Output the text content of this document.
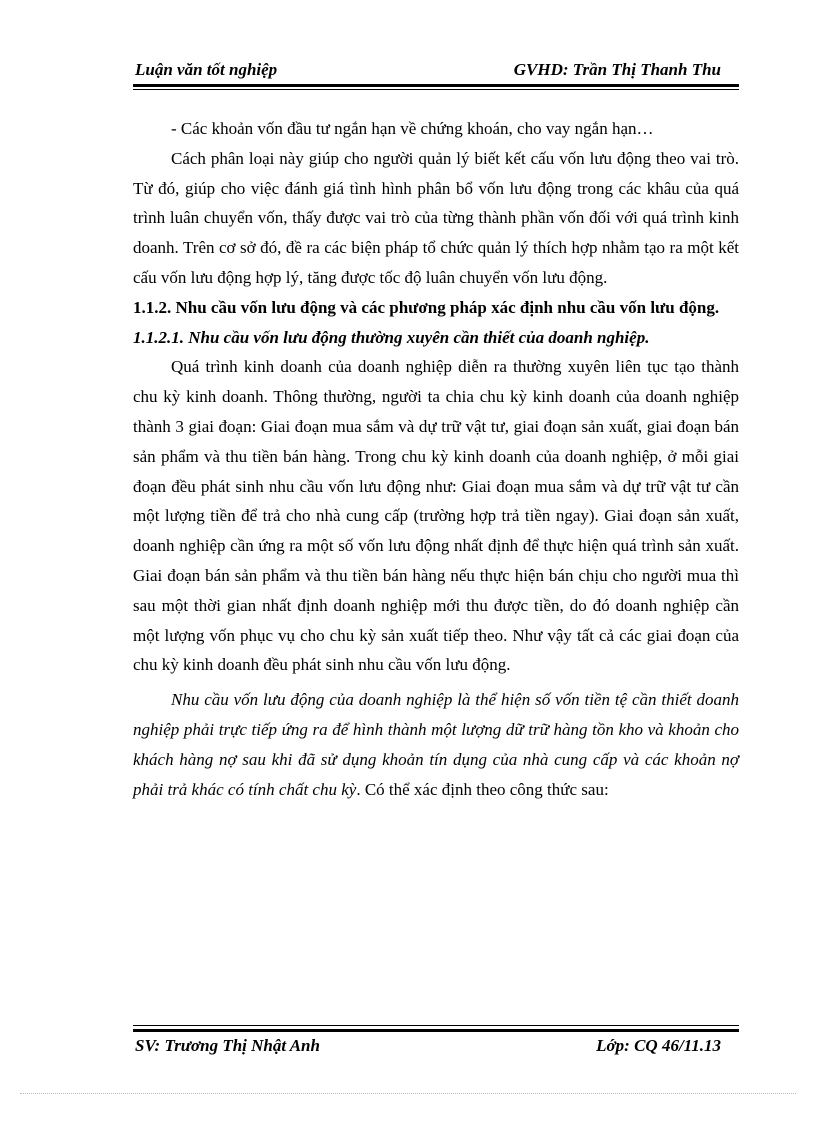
Luận văn tốt nghiệp	GVHD: Trần Thị Thanh Thu

- Các khoản vốn đầu tư ngắn hạn về chứng khoán, cho vay ngắn hạn…

Cách phân loại này giúp cho người quản lý biết kết cấu vốn lưu động theo vai trò. Từ đó, giúp cho việc đánh giá tình hình phân bổ vốn lưu động trong các khâu của quá trình luân chuyển vốn, thấy được vai trò của từng thành phần vốn đối với quá trình kinh doanh. Trên cơ sở đó, đề ra các biện pháp tổ chức quản lý thích hợp nhằm tạo ra một kết cấu vốn lưu động hợp lý, tăng được tốc độ luân chuyển vốn lưu động.

1.1.2. Nhu cầu vốn lưu động và các phương pháp xác định nhu cầu vốn lưu động.

1.1.2.1. Nhu cầu vốn lưu động thường xuyên cần thiết của doanh nghiệp.

Quá trình kinh doanh của doanh nghiệp diễn ra thường xuyên liên tục tạo thành chu kỳ kinh doanh. Thông thường, người ta chia chu kỳ kinh doanh của doanh nghiệp thành 3 giai đoạn: Giai đoạn mua sắm và dự trữ vật tư, giai đoạn sản xuất, giai đoạn bán sản phẩm và thu tiền bán hàng. Trong chu kỳ kinh doanh của doanh nghiệp, ở mỗi giai đoạn đều phát sinh nhu cầu vốn lưu động như: Giai đoạn mua sắm và dự trữ vật tư cần một lượng tiền để trả cho nhà cung cấp (trường hợp trả tiền ngay). Giai đoạn sản xuất, doanh nghiệp cần ứng ra một số vốn lưu động nhất định để thực hiện quá trình sản xuất. Giai đoạn bán sản phẩm và thu tiền bán hàng nếu thực hiện bán chịu cho người mua thì sau một thời gian nhất định doanh nghiệp mới thu được tiền, do đó doanh nghiệp cần một lượng vốn phục vụ cho chu kỳ sản xuất tiếp theo. Như vậy tất cả các giai đoạn của chu kỳ kinh doanh đều phát sinh nhu cầu vốn lưu động.

Nhu cầu vốn lưu động của doanh nghiệp là thể hiện số vốn tiền tệ cần thiết doanh nghiệp phải trực tiếp ứng ra để hình thành một lượng dữ trữ hàng tồn kho và khoản cho khách hàng nợ sau khi đã sử dụng khoản tín dụng của nhà cung cấp và các khoản nợ phải trả khác có tính chất chu kỳ. Có thể xác định theo công thức sau:

SV: Trương Thị Nhật Anh	Lớp: CQ 46/11.13
